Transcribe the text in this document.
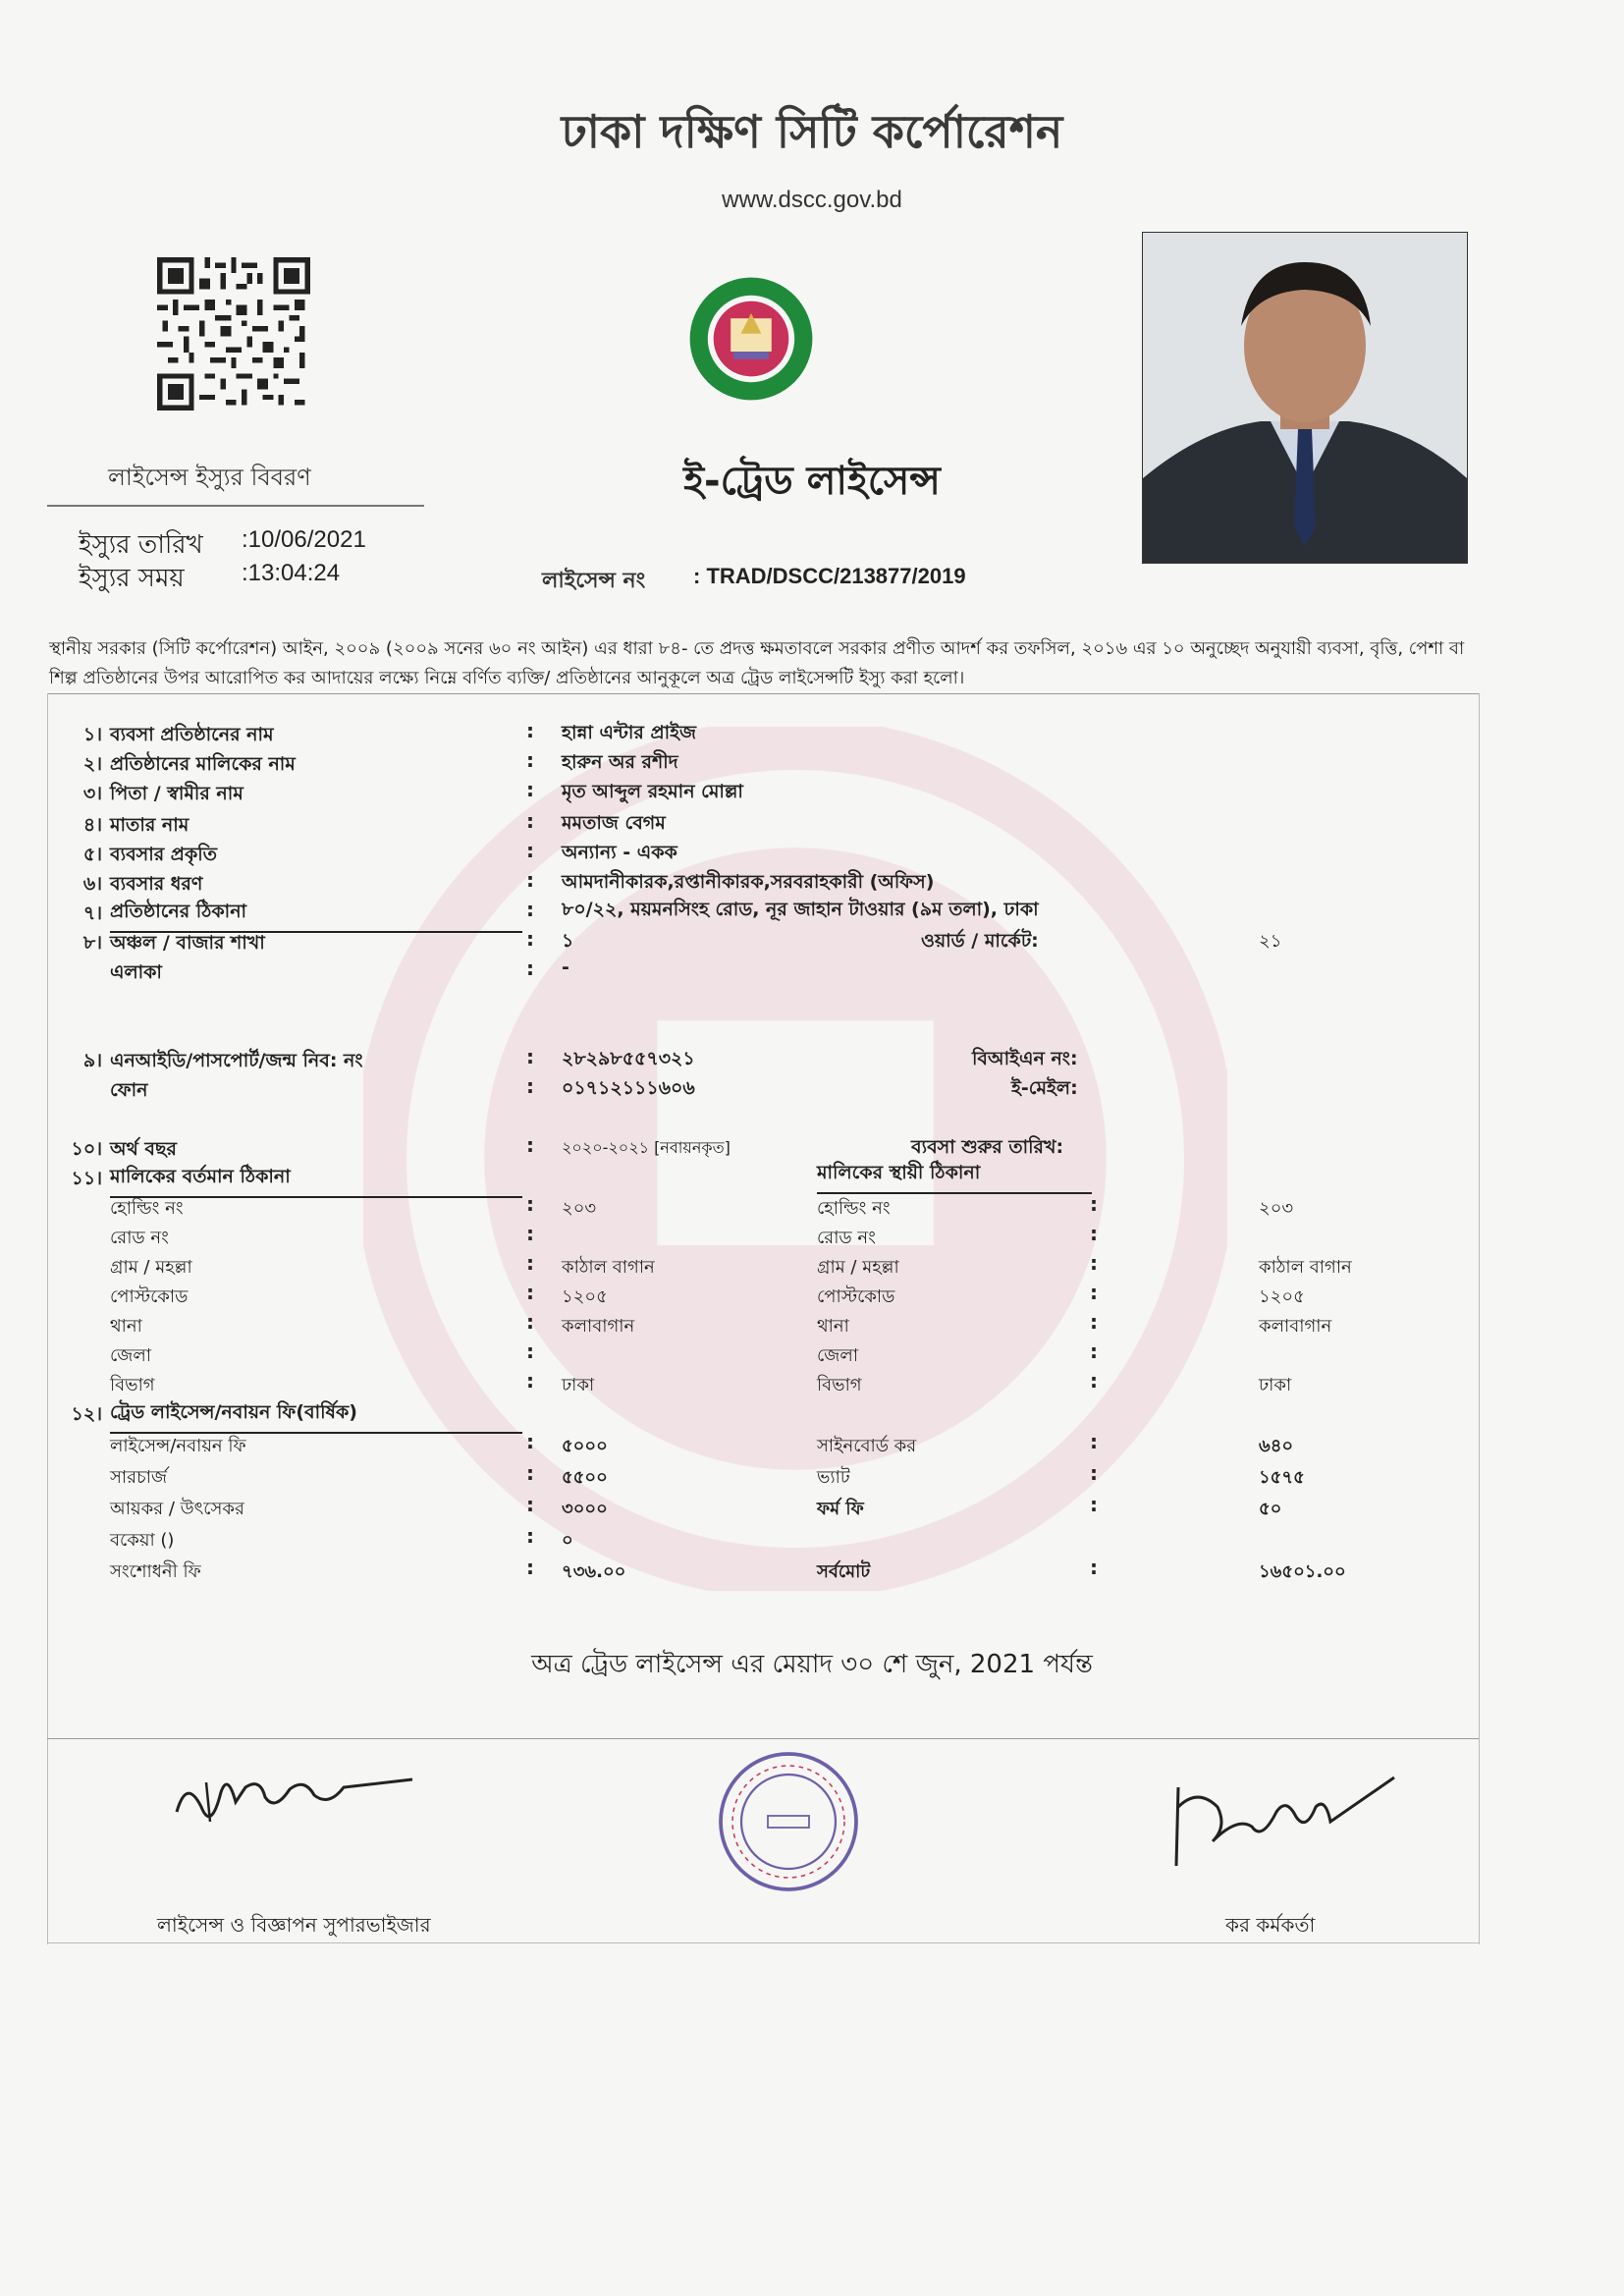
ঢাকা দক্ষিণ সিটি কর্পোরেশন
www.dscc.gov.bd
ই-ট্রেড লাইসেন্স
লাইসেন্স ইস্যুর বিবরণ
ইস্যুর তারিখ :10/06/2021
ইস্যুর সময় :13:04:24	লাইসেন্স নং : TRAD/DSCC/213877/2019
স্থানীয় সরকার (সিটি কর্পোরেশন) আইন, ২০০৯ (২০০৯ সনের ৬০ নং আইন) এর ধারা ৮৪- তে প্রদত্ত ক্ষমতাবলে সরকার প্রণীত আদর্শ কর তফসিল, ২০১৬ এর ১০ অনুচ্ছেদ অনুযায়ী ব্যবসা, বৃত্তি, পেশা বা শিল্প প্রতিষ্ঠানের উপর আরোপিত কর আদায়ের লক্ষ্যে নিম্নে বর্ণিত ব্যক্তি/ প্রতিষ্ঠানের আনুকূলে অত্র ট্রেড লাইসেন্সটি ইস্যু করা হলো।
১। ব্যবসা প্রতিষ্ঠানের নাম	: হান্না এন্টার প্রাইজ
২। প্রতিষ্ঠানের মালিকের নাম	: হারুন অর রশীদ
৩। পিতা / স্বামীর নাম	: মৃত আব্দুল রহমান মোল্লা
৪। মাতার নাম	: মমতাজ বেগম
৫। ব্যবসার প্রকৃতি	: অন্যান্য - একক
৬। ব্যবসার ধরণ	: আমদানীকারক,রপ্তানীকারক,সরবরাহকারী (অফিস)
৭। প্রতিষ্ঠানের ঠিকানা	: ৮০/২২, ময়মনসিংহ রোড, নূর জাহান টাওয়ার (৯ম তলা), ঢাকা
৮। অঞ্চল / বাজার শাখা	: ১	ওয়ার্ড / মার্কেট:	২১
এলাকা	: -
৯। এনআইডি/পাসপোর্ট/জন্ম নিব: নং	: ২৮২৯৮৫৫৭৩২১	বিআইএন নং:
ফোন	: ০১৭১২১১১৬০৬	ই-মেইল:
১০। অর্থ বছর	: ২০২০-২০২১ [নবায়নকৃত]	ব্যবসা শুরুর তারিখ:
১১। মালিকের বর্তমান ঠিকানা	মালিকের স্থায়ী ঠিকানা
হোল্ডিং নং	: ২০৩	হোল্ডিং নং	:	২০৩
রোড নং	:	রোড নং	:
গ্রাম / মহল্লা	: কাঠাল বাগান	গ্রাম / মহল্লা	:	কাঠাল বাগান
পোস্টকোড	: ১২০৫	পোস্টকোড	:	১২০৫
থানা	: কলাবাগান	থানা	:	কলাবাগান
জেলা	:	জেলা	:
বিভাগ	: ঢাকা	বিভাগ	:	ঢাকা
১২। ট্রেড লাইসেন্স/নবায়ন ফি(বার্ষিক)
লাইসেন্স/নবায়ন ফি	: ৫০০০	সাইনবোর্ড কর	:	৬৪০
সারচার্জ	: ৫৫০০	ভ্যাট	:	১৫৭৫
আয়কর / উৎসেকর	: ৩০০০	ফর্ম ফি	:	৫০
বকেয়া ()	: ০
সংশোধনী ফি	: ৭৩৬.০০	সর্বমোট	:	১৬৫০১.০০
অত্র ট্রেড লাইসেন্স এর মেয়াদ ৩০ শে জুন, 2021 পর্যন্ত
লাইসেন্স ও বিজ্ঞাপন সুপারভাইজার	কর কর্মকর্তা
